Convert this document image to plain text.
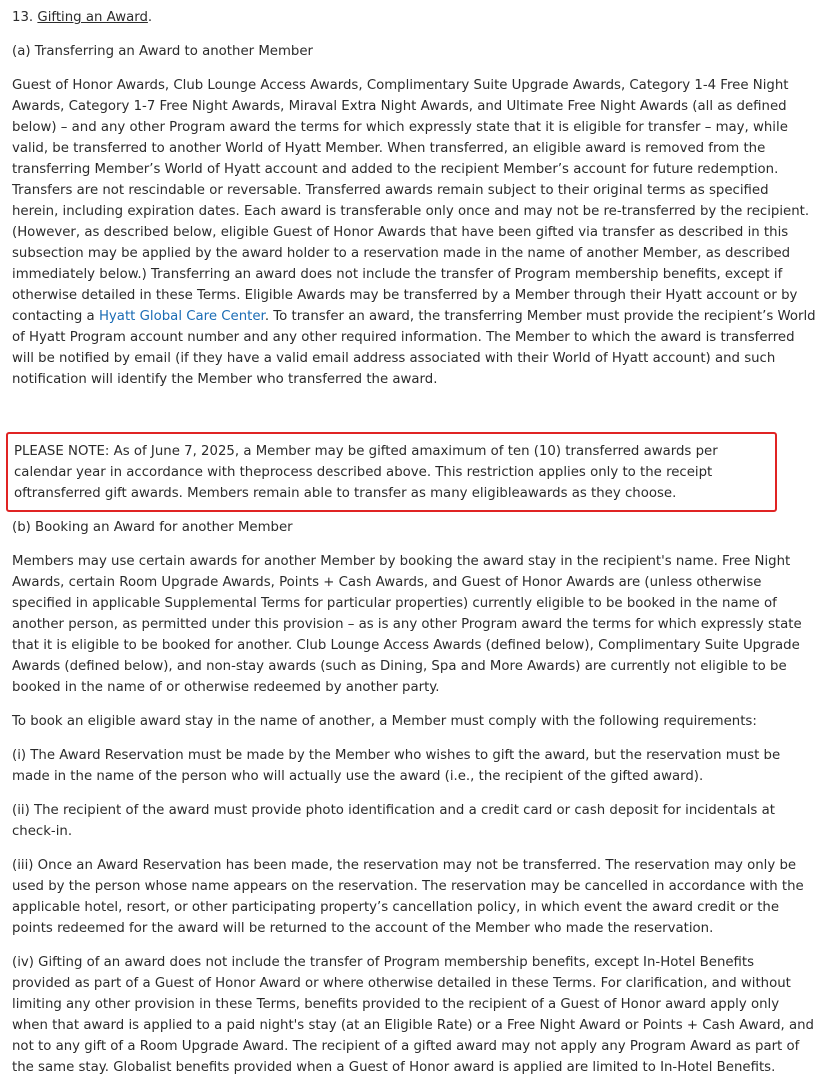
13. Gifting an Award.

(a) Transferring an Award to another Member

Guest of Honor Awards, Club Lounge Access Awards, Complimentary Suite Upgrade Awards, Category 1-4 Free Night Awards, Category 1-7 Free Night Awards, Miraval Extra Night Awards, and Ultimate Free Night Awards (all as defined below) – and any other Program award the terms for which expressly state that it is eligible for transfer – may, while valid, be transferred to another World of Hyatt Member. When transferred, an eligible award is removed from the transferring Member’s World of Hyatt account and added to the recipient Member’s account for future redemption. Transfers are not rescindable or reversable. Transferred awards remain subject to their original terms as specified herein, including expiration dates. Each award is transferable only once and may not be re-transferred by the recipient. (However, as described below, eligible Guest of Honor Awards that have been gifted via transfer as described in this subsection may be applied by the award holder to a reservation made in the name of another Member, as described immediately below.) Transferring an award does not include the transfer of Program membership benefits, except if otherwise detailed in these Terms. Eligible Awards may be transferred by a Member through their Hyatt account or by contacting a Hyatt Global Care Center. To transfer an award, the transferring Member must provide the recipient’s World of Hyatt Program account number and any other required information. The Member to which the award is transferred will be notified by email (if they have a valid email address associated with their World of Hyatt account) and such notification will identify the Member who transferred the award.

PLEASE NOTE: As of June 7, 2025, a Member may be gifted amaximum of ten (10) transferred awards per calendar year in accordance with theprocess described above. This restriction applies only to the receipt oftransferred gift awards. Members remain able to transfer as many eligibleawards as they choose.

(b) Booking an Award for another Member

Members may use certain awards for another Member by booking the award stay in the recipient's name. Free Night Awards, certain Room Upgrade Awards, Points + Cash Awards, and Guest of Honor Awards are (unless otherwise specified in applicable Supplemental Terms for particular properties) currently eligible to be booked in the name of another person, as permitted under this provision – as is any other Program award the terms for which expressly state that it is eligible to be booked for another. Club Lounge Access Awards (defined below), Complimentary Suite Upgrade Awards (defined below), and non-stay awards (such as Dining, Spa and More Awards) are currently not eligible to be booked in the name of or otherwise redeemed by another party.

To book an eligible award stay in the name of another, a Member must comply with the following requirements:

(i) The Award Reservation must be made by the Member who wishes to gift the award, but the reservation must be made in the name of the person who will actually use the award (i.e., the recipient of the gifted award).

(ii) The recipient of the award must provide photo identification and a credit card or cash deposit for incidentals at check-in.

(iii) Once an Award Reservation has been made, the reservation may not be transferred. The reservation may only be used by the person whose name appears on the reservation. The reservation may be cancelled in accordance with the applicable hotel, resort, or other participating property’s cancellation policy, in which event the award credit or the points redeemed for the award will be returned to the account of the Member who made the reservation.

(iv) Gifting of an award does not include the transfer of Program membership benefits, except In-Hotel Benefits provided as part of a Guest of Honor Award or where otherwise detailed in these Terms. For clarification, and without limiting any other provision in these Terms, benefits provided to the recipient of a Guest of Honor award apply only when that award is applied to a paid night's stay (at an Eligible Rate) or a Free Night Award or Points + Cash Award, and not to any gift of a Room Upgrade Award. The recipient of a gifted award may not apply any Program Award as part of the same stay. Globalist benefits provided when a Guest of Honor award is applied are limited to In-Hotel Benefits.
